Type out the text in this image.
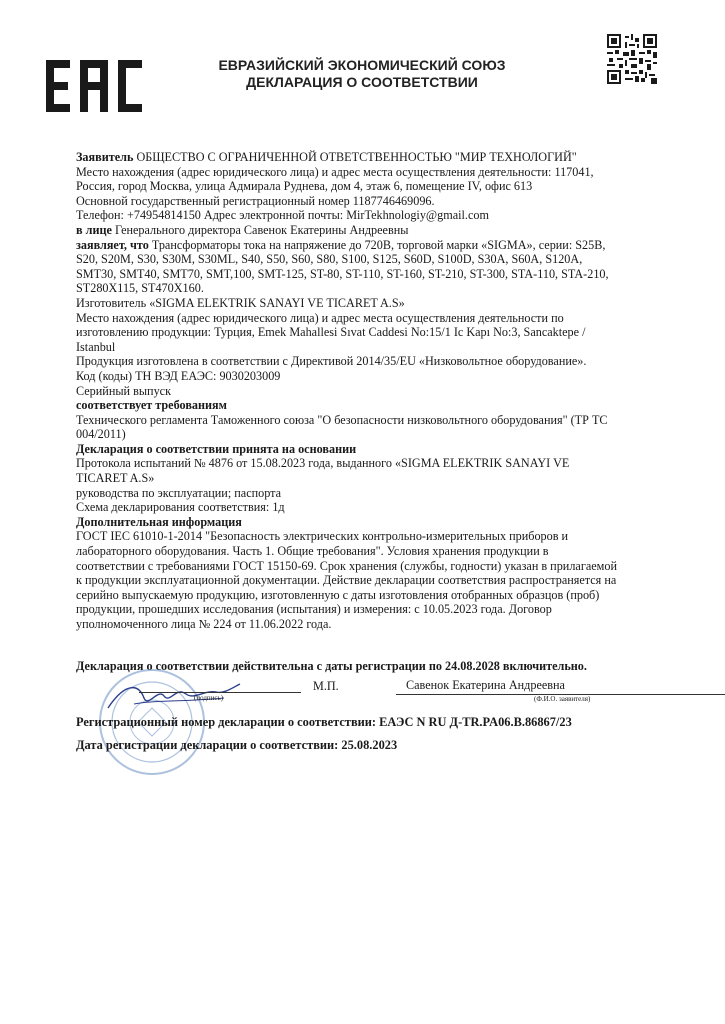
ЕВРАЗИЙСКИЙ ЭКОНОМИЧЕСКИЙ СОЮЗ
ДЕКЛАРАЦИЯ О СООТВЕТСТВИИ

Заявитель ОБЩЕСТВО С ОГРАНИЧЕННОЙ ОТВЕТСТВЕННОСТЬЮ "МИР ТЕХНОЛОГИЙ"

Место нахождения (адрес юридического лица) и адрес места осуществления деятельности: 117041,

Россия, город Москва, улица Адмирала Руднева, дом 4, этаж 6, помещение IV, офис 613

Основной государственный регистрационный номер 1187746469096.

Телефон: +74954814150 Адрес электронной почты: MirTekhnologiy@gmail.com

в лице Генерального директора Савенок Екатерины Андреевны

заявляет, что Трансформаторы тока на напряжение до 720В, торговой марки «SIGMA», серии: S25B,

S20, S20M, S30, S30M, S30ML, S40, S50, S60, S80, S100, S125, S60D, S100D, S30A, S60A, S120A,

SMT30, SMT40, SMT70, SMT,100, SMT-125, ST-80, ST-110, ST-160, ST-210, ST-300, STA-110, STA-210,

ST280X115, ST470X160.

Изготовитель «SIGMA ELEKTRIK SANAYI VE TICARET A.S»

Место нахождения (адрес юридического лица) и адрес места осуществления деятельности по

изготовлению продукции: Турция, Emek Mahallesi Sıvat Caddesi No:15/1 Ic Kapı No:3, Sancaktepe /

Istanbul

Продукция изготовлена в соответствии с Директивой 2014/35/EU «Низковольтное оборудование».

Код (коды) ТН ВЭД ЕАЭС: 9030203009

Серийный выпуск

соответствует требованиям

Технического регламента Таможенного союза "О безопасности низковольтного оборудования" (ТР ТС

004/2011)

Декларация о соответствии принята на основании

Протокола испытаний № 4876 от 15.08.2023 года, выданного «SIGMA ELEKTRIK SANAYI VE

TICARET A.S»

руководства по эксплуатации; паспорта

Схема декларирования соответствия: 1д

Дополнительная информация

ГОСТ IEC 61010-1-2014 "Безопасность электрических контрольно-измерительных приборов и

лабораторного оборудования. Часть 1. Общие требования". Условия хранения продукции в

соответствии с требованиями ГОСТ 15150-69. Срок хранения (службы, годности) указан в прилагаемой

к продукции эксплуатационной документации. Действие декларации соответствия распространяется на

серийно выпускаемую продукцию, изготовленную с даты изготовления отобранных образцов (проб)

продукции, прошедших исследования (испытания) и измерения: с 10.05.2023 года. Договор

уполномоченного лица № 224 от 11.06.2022 года.

Декларация о соответствии действительна с даты регистрации по 24.08.2028 включительно.
(подпись)
М.П.	Савенок Екатерина Андреевна
(Ф.И.О. заявителя)
Регистрационный номер декларации о соответствии: ЕАЭС N RU Д-TR.PA06.B.86867/23
Дата регистрации декларации о соответствии: 25.08.2023
